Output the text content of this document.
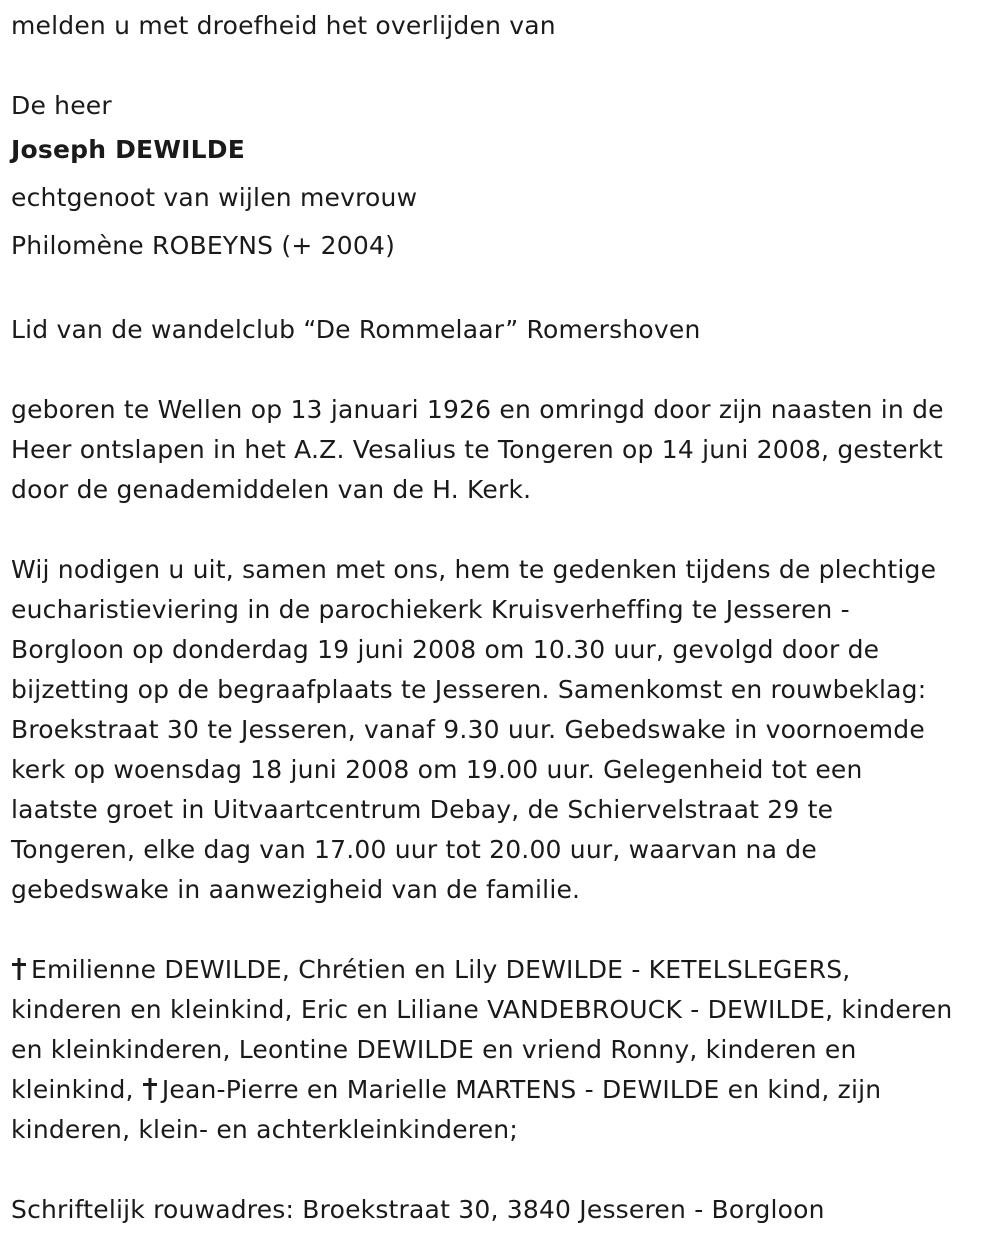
melden u met droefheid het overlijden van
De heer
Joseph DEWILDE
echtgenoot van wijlen mevrouw
Philomène ROBEYNS (+ 2004)
Lid van de wandelclub “De Rommelaar” Romershoven
geboren te Wellen op 13 januari 1926 en omringd door zijn naasten in de
Heer ontslapen in het A.Z. Vesalius te Tongeren op 14 juni 2008, gesterkt
door de genademiddelen van de H. Kerk.
Wij nodigen u uit, samen met ons, hem te gedenken tijdens de plechtige
eucharistieviering in de parochiekerk Kruisverheffing te Jesseren -
Borgloon op donderdag 19 juni 2008 om 10.30 uur, gevolgd door de
bijzetting op de begraafplaats te Jesseren. Samenkomst en rouwbeklag:
Broekstraat 30 te Jesseren, vanaf 9.30 uur. Gebedswake in voornoemde
kerk op woensdag 18 juni 2008 om 19.00 uur. Gelegenheid tot een
laatste groet in Uitvaartcentrum Debay, de Schiervelstraat 29 te
Tongeren, elke dag van 17.00 uur tot 20.00 uur, waarvan na de
gebedswake in aanwezigheid van de familie.
Emilienne DEWILDE, Chrétien en Lily DEWILDE - KETELSLEGERS,
kinderen en kleinkind, Eric en Liliane VANDEBROUCK - DEWILDE, kinderen
en kleinkinderen, Leontine DEWILDE en vriend Ronny, kinderen en
kleinkind, Jean-Pierre en Marielle MARTENS - DEWILDE en kind, zijn
kinderen, klein- en achterkleinkinderen;
Schriftelijk rouwadres: Broekstraat 30, 3840 Jesseren - Borgloon
